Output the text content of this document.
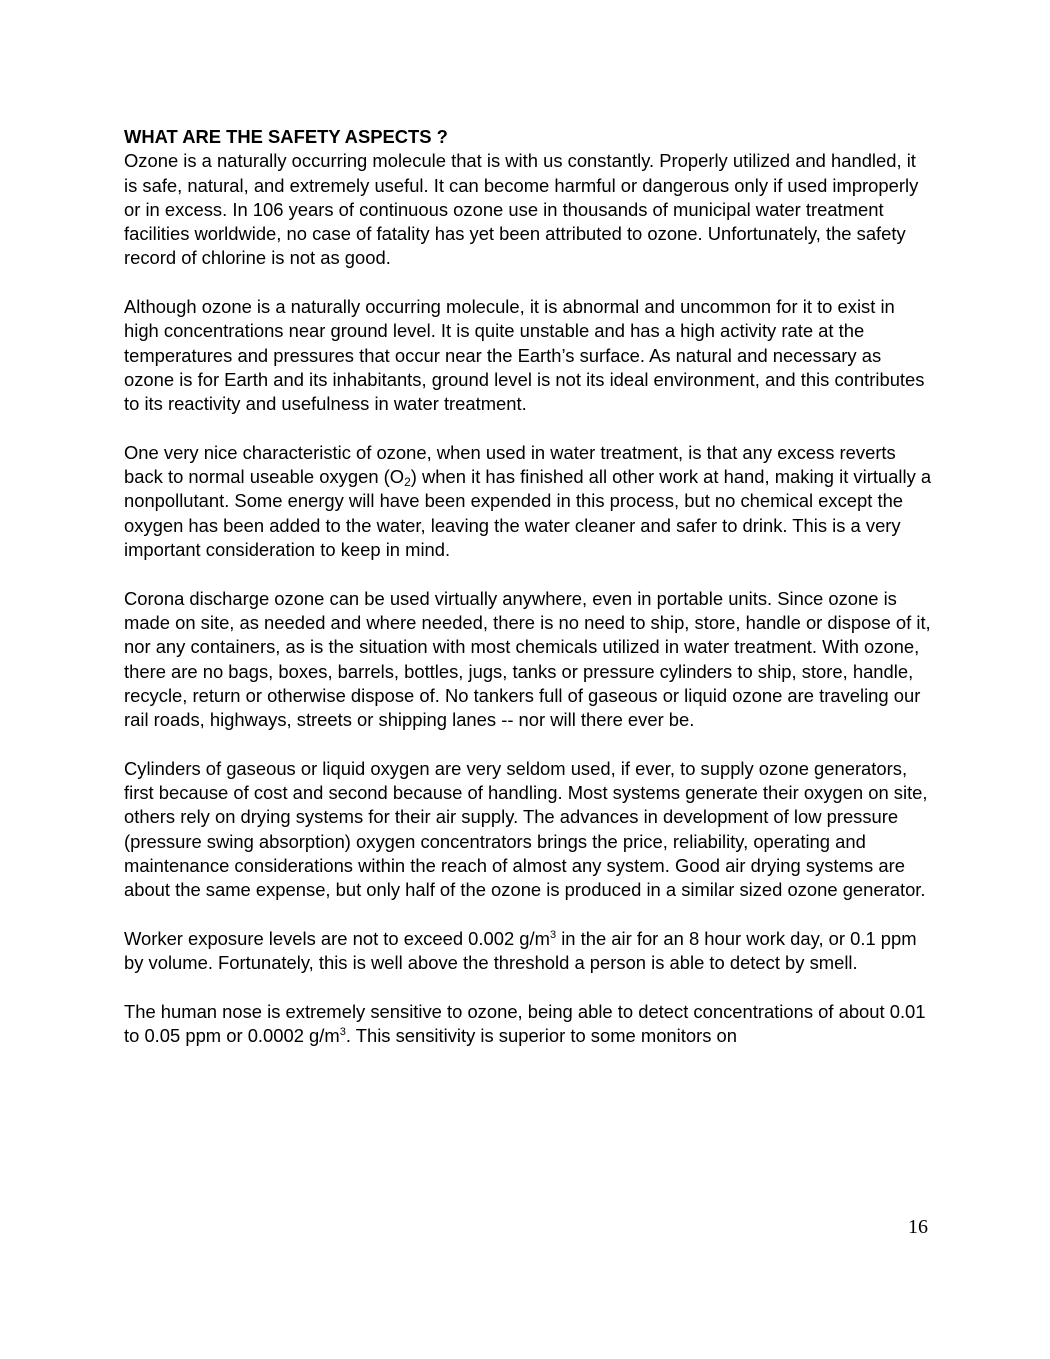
WHAT ARE THE SAFETY ASPECTS ?

Ozone is a naturally occurring molecule that is with us constantly. Properly utilized and handled, it is safe, natural, and extremely useful. It can become harmful or dangerous only if used improperly or in excess. In 106 years of continuous ozone use in thousands of municipal water treatment facilities worldwide, no case of fatality has yet been attributed to ozone. Unfortunately, the safety record of chlorine is not as good.

Although ozone is a naturally occurring molecule, it is abnormal and uncommon for it to exist in high concentrations near ground level. It is quite unstable and has a high activity rate at the temperatures and pressures that occur near the Earth’s surface. As natural and necessary as ozone is for Earth and its inhabitants, ground level is not its ideal environment, and this contributes to its reactivity and usefulness in water treatment.

One very nice characteristic of ozone, when used in water treatment, is that any excess reverts back to normal useable oxygen $(O_2)$ when it has finished all other work at hand, making it virtually a nonpollutant. Some energy will have been expended in this process, but no chemical except the oxygen has been added to the water, leaving the water cleaner and safer to drink. This is a very important consideration to keep in mind.

Corona discharge ozone can be used virtually anywhere, even in portable units. Since ozone is made on site, as needed and where needed, there is no need to ship, store, handle or dispose of it, nor any containers, as is the situation with most chemicals utilized in water treatment. With ozone, there are no bags, boxes, barrels, bottles, jugs, tanks or pressure cylinders to ship, store, handle, recycle, return or otherwise dispose of. No tankers full of gaseous or liquid ozone are traveling our rail roads, highways, streets or shipping lanes -- nor will there ever be.

Cylinders of gaseous or liquid oxygen are very seldom used, if ever, to supply ozone generators, first because of cost and second because of handling. Most systems generate their oxygen on site, others rely on drying systems for their air supply. The advances in development of low pressure (pressure swing absorption) oxygen concentrators brings the price, reliability, operating and maintenance considerations within the reach of almost any system. Good air drying systems are about the same expense, but only half of the ozone is produced in a similar sized ozone generator.

Worker exposure levels are not to exceed 0.002 $g/m^3$ in the air for an 8 hour work day, or 0.1 ppm by volume. Fortunately, this is well above the threshold a person is able to detect by smell.

The human nose is extremely sensitive to ozone, being able to detect concentrations of about 0.01 to 0.05 ppm or 0.0002 $g/m^3$. This sensitivity is superior to some monitors on

16
